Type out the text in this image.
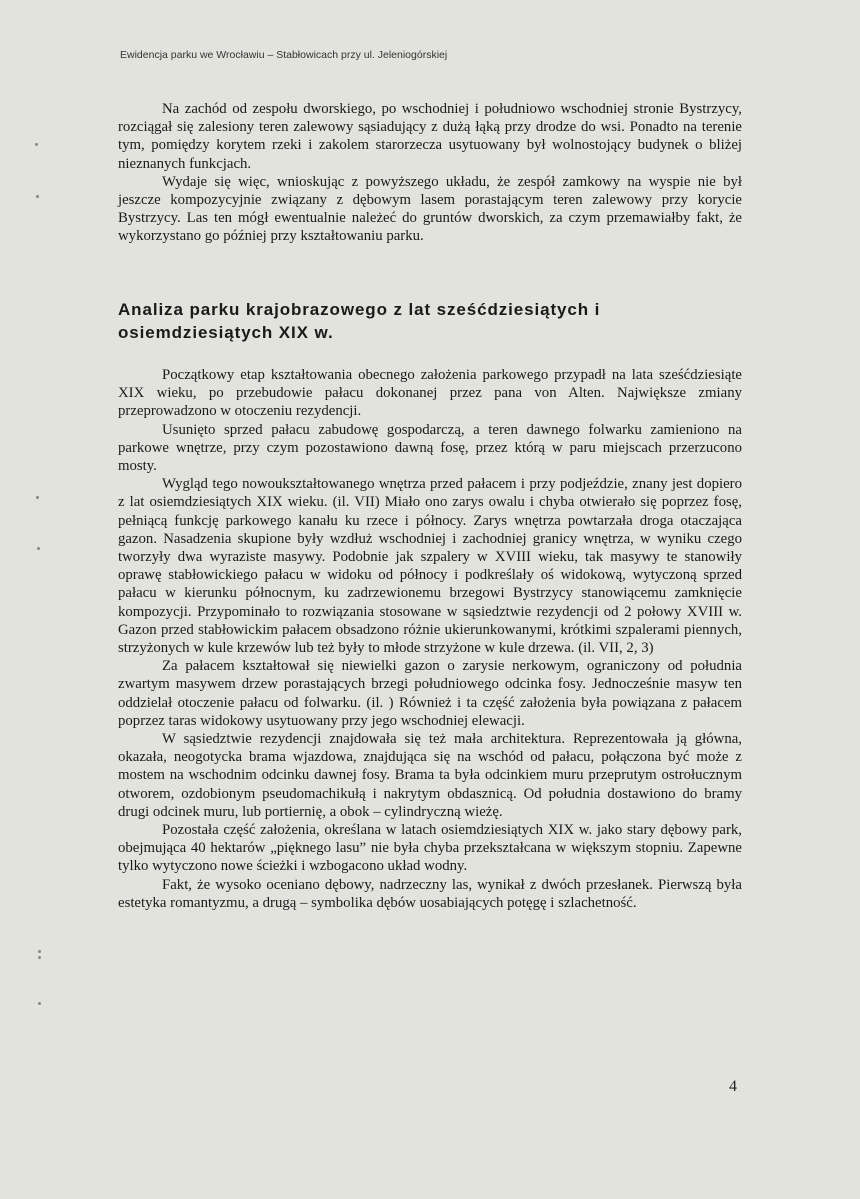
Ewidencja parku we Wrocławiu – Stabłowicach przy ul. Jeleniogórskiej

Na zachód od zespołu dworskiego, po wschodniej i południowo wschodniej stronie Bystrzycy, rozciągał się zalesiony teren zalewowy sąsiadujący z dużą łąką przy drodze do wsi. Ponadto na terenie tym, pomiędzy korytem rzeki i zakolem starorzecza usytuowany był wolnostojący budynek o bliżej nieznanych funkcjach.

Wydaje się więc, wnioskując z powyższego układu, że zespół zamkowy na wyspie nie był jeszcze kompozycyjnie związany z dębowym lasem porastającym teren zalewowy przy korycie Bystrzycy. Las ten mógł ewentualnie należeć do gruntów dworskich, za czym przemawiałby fakt, że wykorzystano go później przy kształtowaniu parku.

Analiza parku krajobrazowego z lat sześćdziesiątych i osiemdziesiątych XIX w.

Początkowy etap kształtowania obecnego założenia parkowego przypadł na lata sześćdziesiąte XIX wieku, po przebudowie pałacu dokonanej przez pana von Alten. Największe zmiany przeprowadzono w otoczeniu rezydencji.

Usunięto sprzed pałacu zabudowę gospodarczą, a teren dawnego folwarku zamieniono na parkowe wnętrze, przy czym pozostawiono dawną fosę, przez którą w paru miejscach przerzucono mosty.

Wygląd tego nowoukształtowanego wnętrza przed pałacem i przy podjeździe, znany jest dopiero z lat osiemdziesiątych XIX wieku. (il. VII) Miało ono zarys owalu i chyba otwierało się poprzez fosę, pełniącą funkcję parkowego kanału ku rzece i północy. Zarys wnętrza powtarzała droga otaczająca gazon. Nasadzenia skupione były wzdłuż wschodniej i zachodniej granicy wnętrza, w wyniku czego tworzyły dwa wyraziste masywy. Podobnie jak szpalery w XVIII wieku, tak masywy te stanowiły oprawę stabłowickiego pałacu w widoku od północy i podkreślały oś widokową, wytyczoną sprzed pałacu w kierunku północnym, ku zadrzewionemu brzegowi Bystrzycy stanowiącemu zamknięcie kompozycji. Przypominało to rozwiązania stosowane w sąsiedztwie rezydencji od 2 połowy XVIII w. Gazon przed stabłowickim pałacem obsadzono różnie ukierunkowanymi, krótkimi szpalerami piennych, strzyżonych w kule krzewów lub też były to młode strzyżone w kule drzewa. (il. VII, 2, 3)

Za pałacem kształtował się niewielki gazon o zarysie nerkowym, ograniczony od południa zwartym masywem drzew porastających brzegi południowego odcinka fosy. Jednocześnie masyw ten oddzielał otoczenie pałacu od folwarku. (il. ) Również i ta część założenia była powiązana z pałacem poprzez taras widokowy usytuowany przy jego wschodniej elewacji.

W sąsiedztwie rezydencji znajdowała się też mała architektura. Reprezentowała ją główna, okazała, neogotycka brama wjazdowa, znajdująca się na wschód od pałacu, połączona być może z mostem na wschodnim odcinku dawnej fosy. Brama ta była odcinkiem muru przeprutym ostrołucznym otworem, ozdobionym pseudomachikułą i nakrytym obdasznicą. Od południa dostawiono do bramy drugi odcinek muru, lub portiernię, a obok – cylindryczną wieżę.

Pozostała część założenia, określana w latach osiemdziesiątych XIX w. jako stary dębowy park, obejmująca 40 hektarów „pięknego lasu” nie była chyba przekształcana w większym stopniu. Zapewne tylko wytyczono nowe ścieżki i wzbogacono układ wodny.

Fakt, że wysoko oceniano dębowy, nadrzeczny las, wynikał z dwóch przesłanek. Pierwszą była estetyka romantyzmu, a drugą – symbolika dębów uosabiających potęgę i szlachetność.

4
